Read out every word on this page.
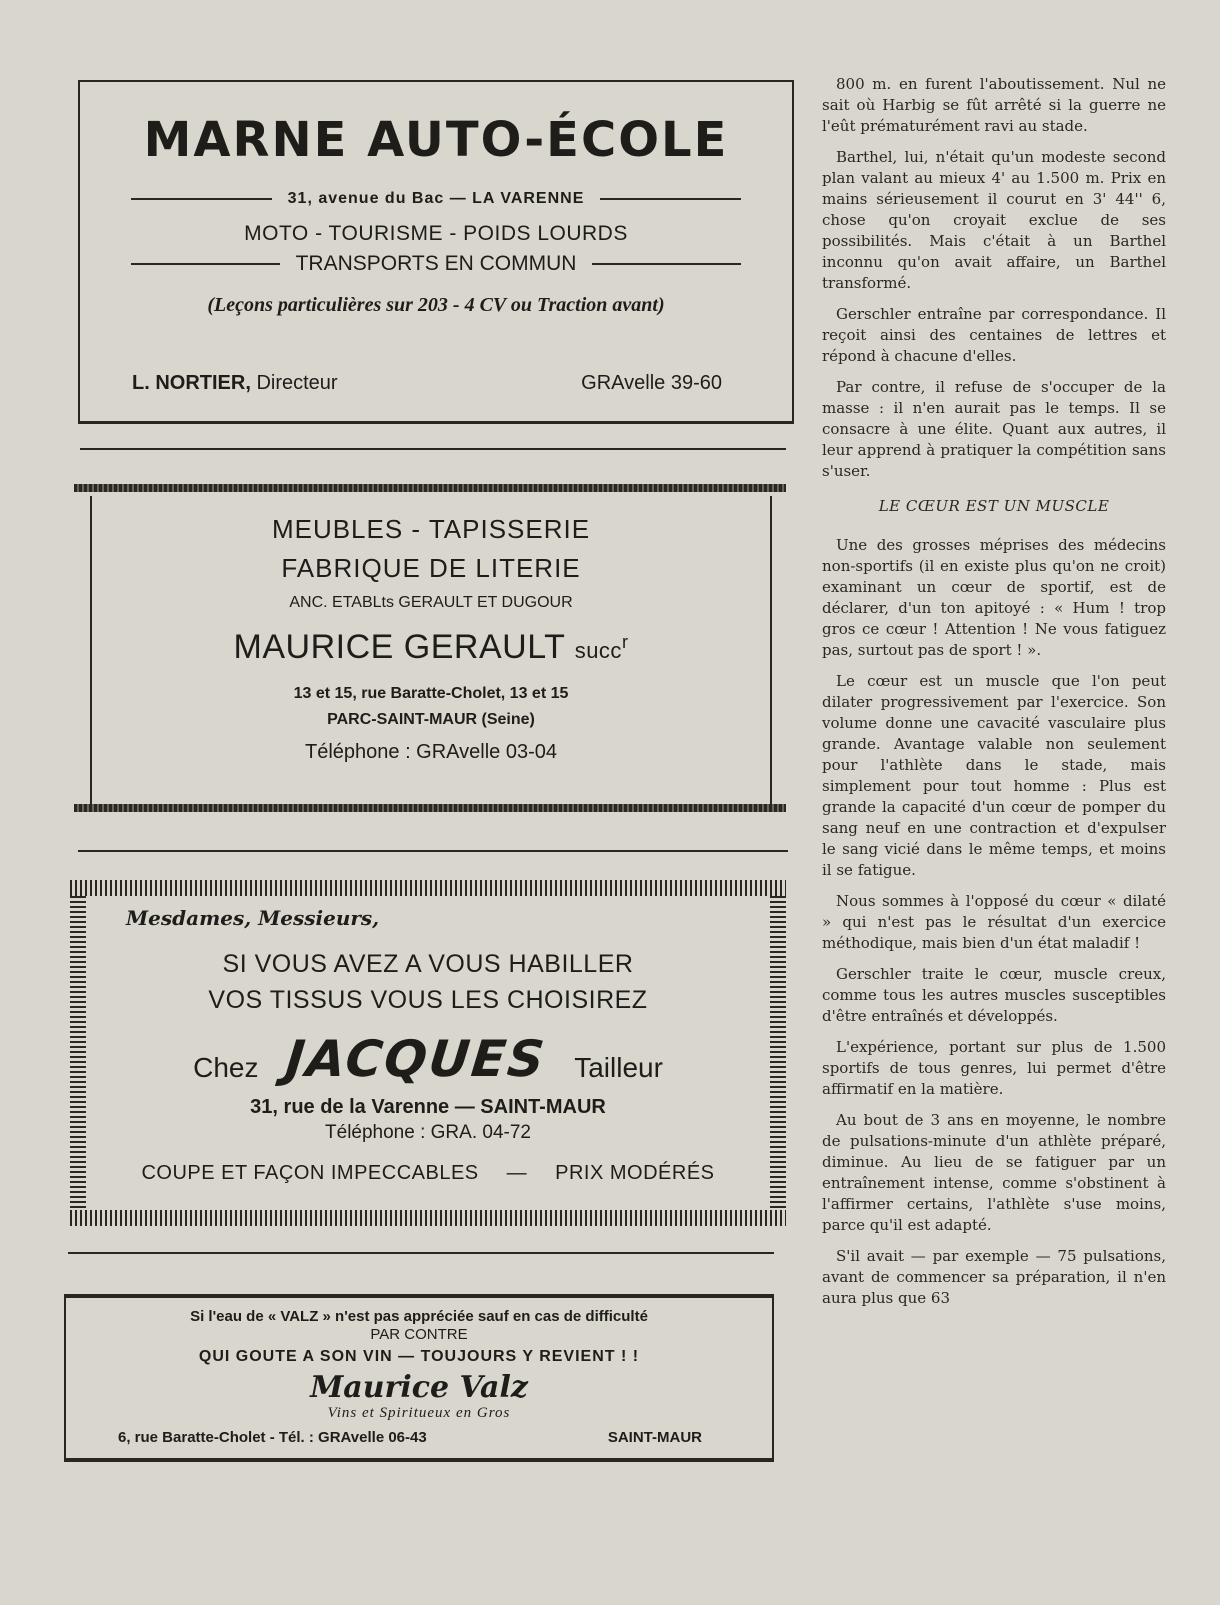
MARNE AUTO-ÉCOLE
31, avenue du Bac — LA VARENNE
MOTO - TOURISME - POIDS LOURDS
TRANSPORTS EN COMMUN
(Leçons particulières sur 203 - 4 CV ou Traction avant)
L. NORTIER, Directeur	GRAvelle 39-60
MEUBLES - TAPISSERIE
FABRIQUE DE LITERIE
ANC. ETABLts GERAULT ET DUGOUR
MAURICE GERAULT succ$^r$
13 et 15, rue Baratte-Cholet, 13 et 15
PARC-SAINT-MAUR (Seine)
Téléphone : GRAvelle 03-04
Mesdames, Messieurs,
SI VOUS AVEZ A VOUS HABILLER
VOS TISSUS VOUS LES CHOISIREZ
Chez JACQUES Tailleur
31, rue de la Varenne — SAINT-MAUR
Téléphone : GRA. 04-72
COUPE ET FAÇON IMPECCABLES — PRIX MODÉRÉS
Si l'eau de « VALZ » n'est pas appréciée sauf en cas de difficulté
PAR CONTRE
QUI GOUTE A SON VIN — TOUJOURS Y REVIENT ! !
Maurice Valz
Vins et Spiritueux en Gros
6, rue Baratte-Cholet - Tél. : GRAvelle 06-43	SAINT-MAUR

800 m. en furent l'aboutissement. Nul ne sait où Harbig se fût arrêté si la guerre ne l'eût prématurément ravi au stade.

Barthel, lui, n'était qu'un modeste second plan valant au mieux 4' au 1.500 m. Prix en mains sérieusement il courut en 3' 44'' 6, chose qu'on croyait exclue de ses possibilités. Mais c'était à un Barthel inconnu qu'on avait affaire, un Barthel transformé.

Gerschler entraîne par correspondance. Il reçoit ainsi des centaines de lettres et répond à chacune d'elles.

Par contre, il refuse de s'occuper de la masse : il n'en aurait pas le temps. Il se consacre à une élite. Quant aux autres, il leur apprend à pratiquer la compétition sans s'user.

LE CŒUR EST UN MUSCLE

Une des grosses méprises des médecins non-sportifs (il en existe plus qu'on ne croit) examinant un cœur de sportif, est de déclarer, d'un ton apitoyé : « Hum ! trop gros ce cœur ! Attention ! Ne vous fatiguez pas, surtout pas de sport ! ».

Le cœur est un muscle que l'on peut dilater progressivement par l'exercice. Son volume donne une cavacité vasculaire plus grande. Avantage valable non seulement pour l'athlète dans le stade, mais simplement pour tout homme : Plus est grande la capacité d'un cœur de pomper du sang neuf en une contraction et d'expulser le sang vicié dans le même temps, et moins il se fatigue.

Nous sommes à l'opposé du cœur « dilaté » qui n'est pas le résultat d'un exercice méthodique, mais bien d'un état maladif !

Gerschler traite le cœur, muscle creux, comme tous les autres muscles susceptibles d'être entraînés et développés.

L'expérience, portant sur plus de 1.500 sportifs de tous genres, lui permet d'être affirmatif en la matière.

Au bout de 3 ans en moyenne, le nombre de pulsations-minute d'un athlète préparé, diminue. Au lieu de se fatiguer par un entraînement intense, comme s'obstinent à l'affirmer certains, l'athlète s'use moins, parce qu'il est adapté.

S'il avait — par exemple — 75 pulsations, avant de commencer sa préparation, il n'en aura plus que 63
